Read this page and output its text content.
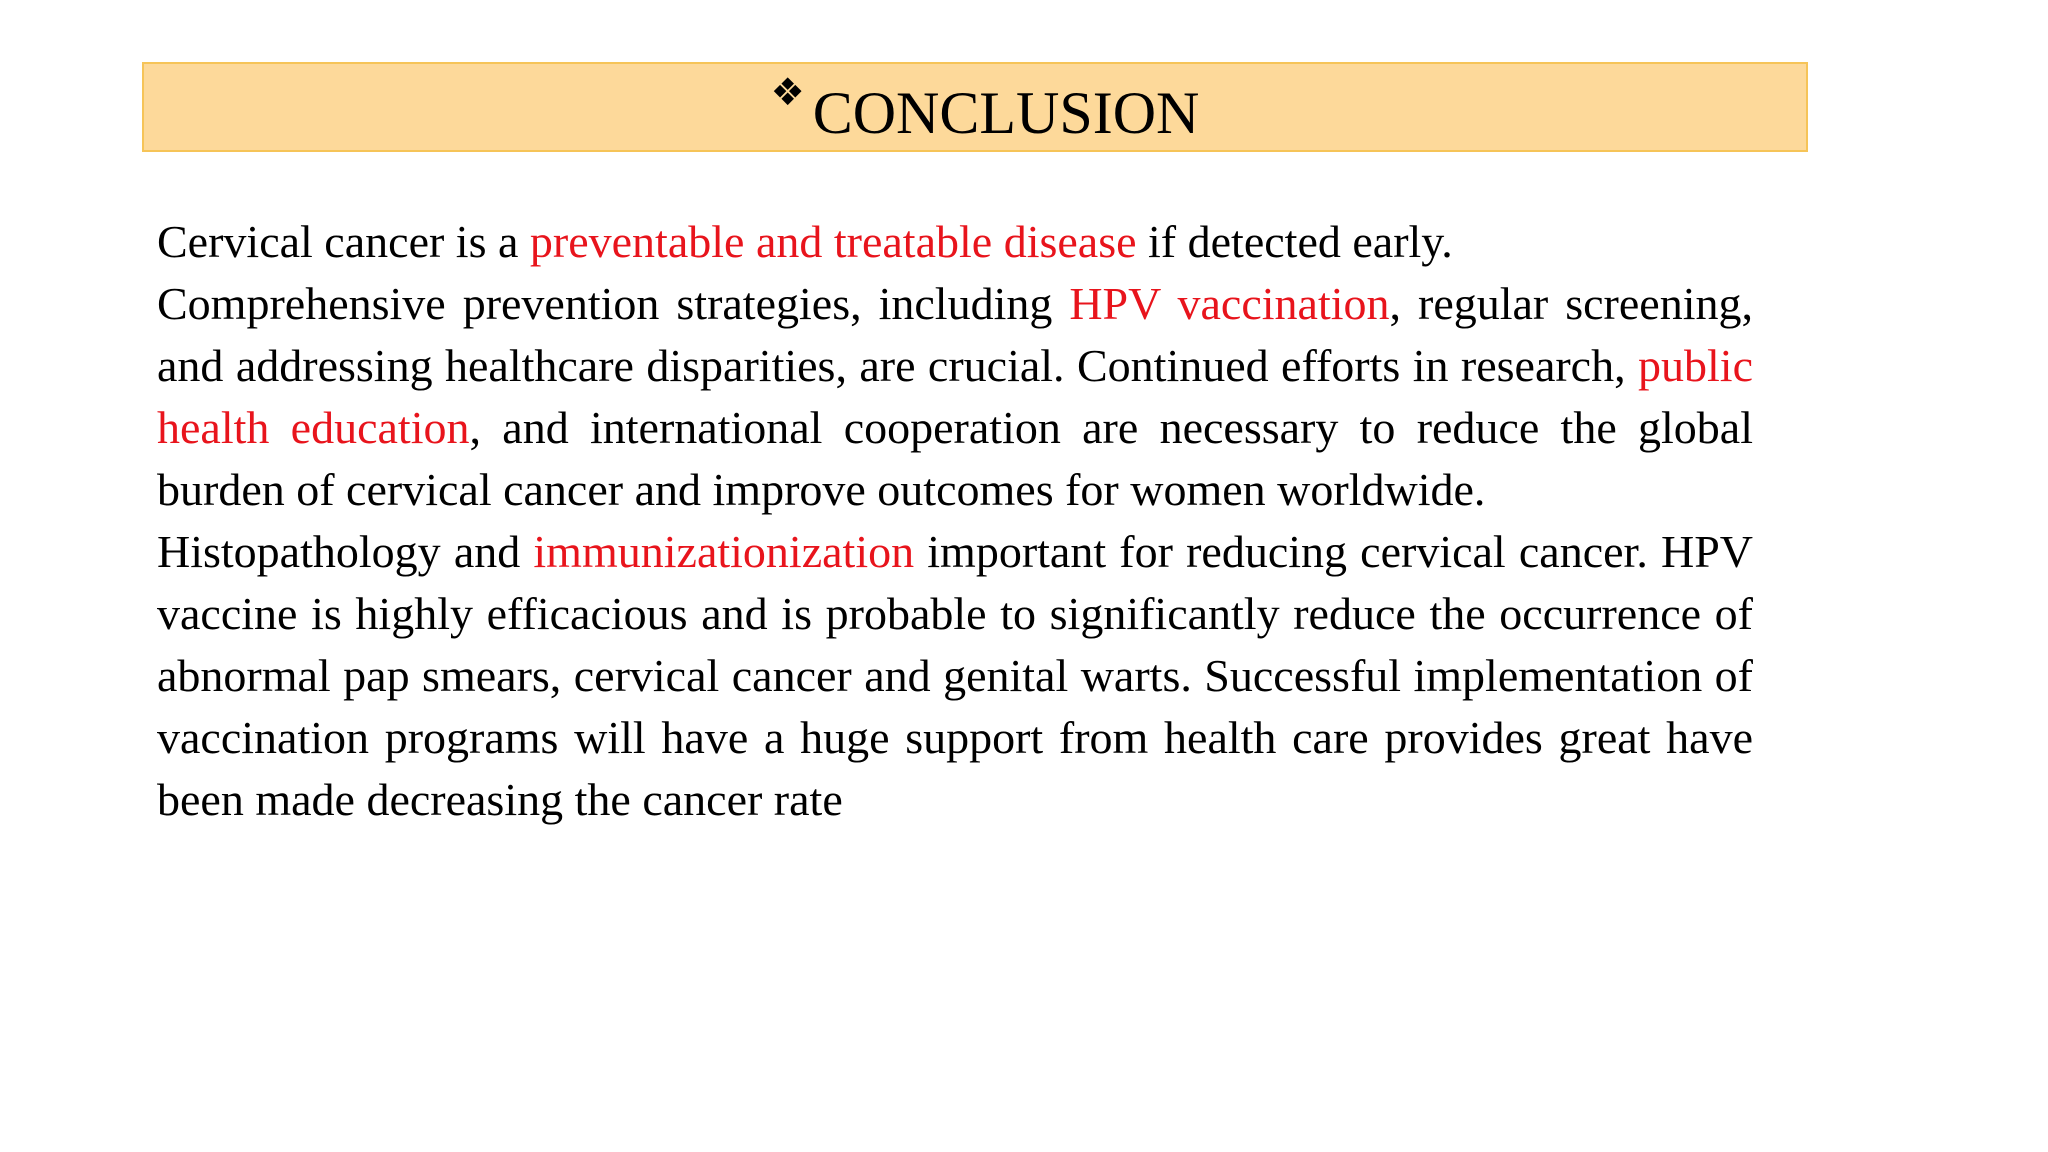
❖ CONCLUSION

Cervical cancer is a preventable and treatable disease if detected early.

Comprehensive prevention strategies, including HPV vaccination, regular screening, and addressing healthcare disparities, are crucial. Continued efforts in research, public health education, and international cooperation are necessary to reduce the global burden of cervical cancer and improve outcomes for women worldwide.

Histopathology and immunizationization important for reducing cervical cancer. HPV vaccine is highly efficacious and is probable to significantly reduce the occurrence of abnormal pap smears, cervical cancer and genital warts. Successful implementation of vaccination programs will have a huge support from health care provides great have been made decreasing the cancer rate
